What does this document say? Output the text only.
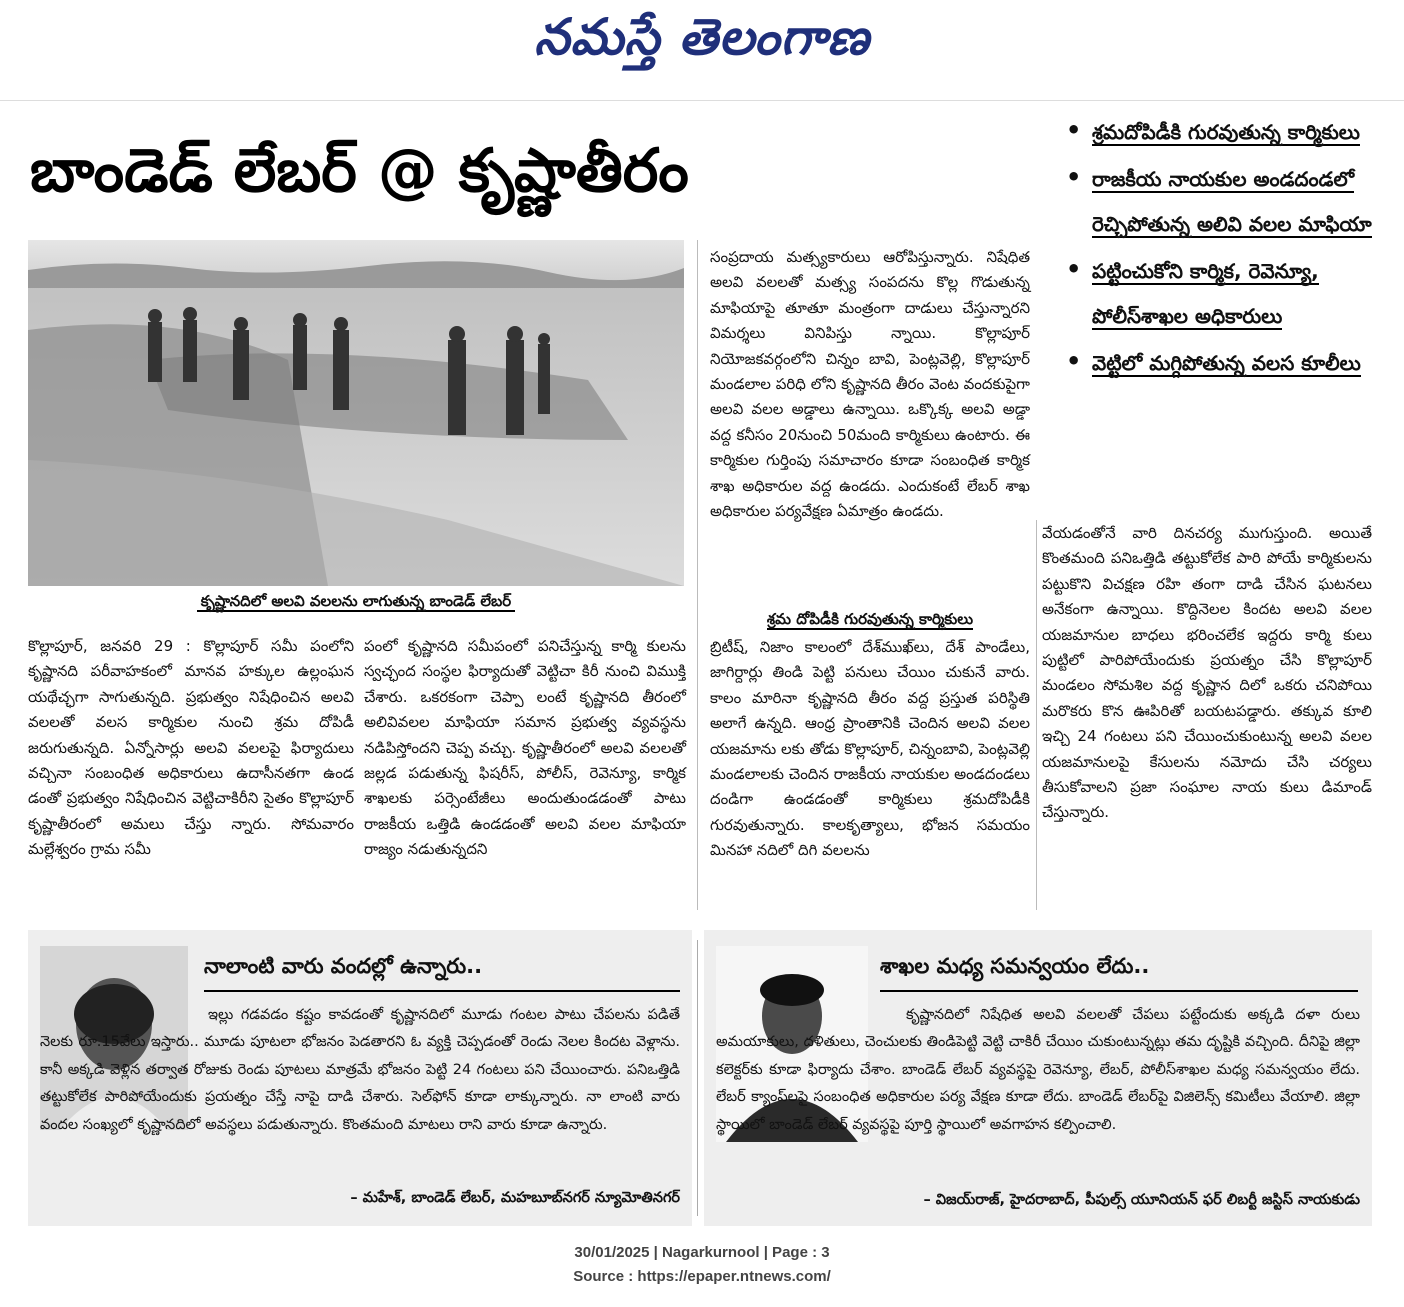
నమస్తే తెలంగాణ
బాండెడ్ లేబర్ @ కృష్ణాతీరం
• శ్రమదోపిడీకి గురవుతున్న కార్మికులు
• రాజకీయ నాయకుల అండదండలో రెచ్చిపోతున్న అలివి వలల మాఫియా
• పట్టించుకోని కార్మిక, రెవెన్యూ, పోలీస్‌శాఖల అధికారులు
• వెట్టిలో మగ్గిపోతున్న వలస కూలీలు
కృష్ణానదిలో అలవి వలలను లాగుతున్న బాండెడ్ లేబర్

కొల్లాపూర్, జనవరి 29 : కొల్లాపూర్ సమీ పంలోని కృష్ణానది పరీవాహకంలో మానవ హక్కుల ఉల్లంఘన యథేచ్ఛగా సాగుతున్నది. ప్రభుత్వం నిషేధించిన అలవి వలలతో వలస కార్మికుల నుంచి శ్రమ దోపిడీ జరుగుతున్నది. ఏన్నోసార్లు అలవి వలలపై ఫిర్యాదులు వచ్చినా సంబంధిత అధికారులు ఉదాసీనతగా ఉండ డంతో ప్రభుత్వం నిషేధించిన వెట్టిచాకిరీని సైతం కొల్లాపూర్ కృష్ణాతీరంలో అమలు చేస్తు న్నారు. సోమవారం మల్లేశ్వరం గ్రామ సమీ

పంలో కృష్ణానది సమీపంలో పనిచేస్తున్న కార్మి కులను స్వచ్ఛంద సంస్థల ఫిర్యాదుతో వెట్టిచా కిరీ నుంచి విముక్తి చేశారు. ఒకరకంగా చెప్పా లంటే కృష్ణానది తీరంలో అలివివలల మాఫియా సమాన ప్రభుత్వ వ్యవస్థను నడిపిస్తోందని చెప్ప వచ్చు. కృష్ణాతీరంలో అలవి వలలతో జల్లడ పడుతున్న ఫిషరీస్, పోలీస్, రెవెన్యూ, కార్మిక శాఖలకు పర్సెంటేజీలు అందుతుండడంతో పాటు రాజకీయ ఒత్తిడి ఉండడంతో అలవి వలల మాఫియా రాజ్యం నడుతున్నదని

సంప్రదాయ మత్స్యకారులు ఆరోపిస్తున్నారు. నిషేధిత అలవి వలలతో మత్స్య సంపదను కొల్ల గొడుతున్న మాఫియాపై తూతూ మంత్రంగా దాడులు చేస్తున్నారని విమర్శలు వినిపిస్తు న్నాయి. కొల్లాపూర్ నియోజకవర్గంలోని చిన్నం బావి, పెంట్లవెల్లి, కొల్లాపూర్ మండలాల పరిధి లోని కృష్ణానది తీరం వెంట వందకుపైగా అలవి వలల అడ్డాలు ఉన్నాయి. ఒక్కొక్క అలవి అడ్డా వద్ద కనీసం 20నుంచి 50మంది కార్మికులు ఉంటారు. ఈ కార్మికుల గుర్తింపు సమాచారం కూడా సంబంధిత కార్మిక శాఖ అధికారుల వద్ద ఉండదు. ఎందుకంటే లేబర్ శాఖ అధికారుల పర్యవేక్షణ ఏమాత్రం ఉండదు.

శ్రమ దోపిడీకి గురవుతున్న కార్మికులు

బ్రిటీష్, నిజాం కాలంలో దేశ్‌ముఖ్‌లు, దేశ్ పాండేలు, జాగిర్దార్లు తిండి పెట్టి పనులు చేయిం చుకునే వారు. కాలం మారినా కృష్ణానది తీరం వద్ద ప్రస్తుత పరిస్థితి అలాగే ఉన్నది. ఆంధ్ర ప్రాంతానికి చెందిన అలవి వలల యజమాను లకు తోడు కొల్లాపూర్, చిన్నంబావి, పెంట్లవెల్లి మండలాలకు చెందిన రాజకీయ నాయకుల అండదండలు దండిగా ఉండడంతో కార్మికులు శ్రమదోపిడీకి గురవుతున్నారు. కాలకృత్యాలు, భోజన సమయం మినహా నదిలో దిగి వలలను

వేయడంతోనే వారి దినచర్య ముగుస్తుంది. అయితే కొంతమంది పనిఒత్తిడి తట్టుకోలేక పారి పోయే కార్మికులను పట్టుకొని విచక్షణ రహి తంగా దాడి చేసిన ఘటనలు అనేకంగా ఉన్నాయి. కొద్దినెలల కిందట అలవి వలల యజమానుల బాధలు భరించలేక ఇద్దరు కార్మి కులు పుట్టిలో పారిపోయేందుకు ప్రయత్నం చేసి కొల్లాపూర్ మండలం సోమశిల వద్ద కృష్ణాన దిలో ఒకరు చనిపోయి మరొకరు కొన ఊపిరితో బయటపడ్డారు. తక్కువ కూలి ఇచ్చి 24 గంటలు పని చేయించుకుంటున్న అలవి వలల యజమానులపై కేసులను నమోదు చేసి చర్యలు తీసుకోవాలని ప్రజా సంఘాల నాయ కులు డిమాండ్ చేస్తున్నారు.

నాలాంటి వారు వందల్లో ఉన్నారు..

ఇల్లు గడవడం కష్టం కావడంతో కృష్ణానదిలో మూడు గంటల పాటు చేపలను పడితే నెలకు రూ.15వేలు ఇస్తారు.. మూడు పూటలా భోజనం పెడతారని ఓ వ్యక్తి చెప్పడంతో రెండు నెలల కిందట వెళ్లాను. కానీ అక్కడి వెళ్లిన తర్వాత రోజుకు రెండు పూటలు మాత్రమే భోజనం పెట్టి 24 గంటలు పని చేయించారు. పనిఒత్తిడి తట్టుకోలేక పారిపోయేందుకు ప్రయత్నం చేస్తే నాపై దాడి చేశారు. సెల్‌ఫోన్ కూడా లాక్కున్నారు. నా లాంటి వారు వందల సంఖ్యలో కృష్ణానదిలో అవస్థలు పడుతున్నారు. కొంతమంది మాటలు రాని వారు కూడా ఉన్నారు.

– మహేశ్, బాండెడ్ లేబర్, మహబూబ్‌నగర్ న్యూమోతినగర్
శాఖల మధ్య సమన్వయం లేదు..

కృష్ణానదిలో నిషేధిత అలవి వలలతో చేపలు పట్టేందుకు అక్కడి దళా రులు అమయాకులు, దళితులు, చెంచులకు తిండిపెట్టి వెట్టి చాకిరీ చేయిం చుకుంటున్నట్లు తమ దృష్టికి వచ్చింది. దీనిపై జిల్లా కలెక్టర్‌కు కూడా ఫిర్యాదు చేశాం. బాండెడ్ లేబర్ వ్యవస్థపై రెవెన్యూ, లేబర్, పోలీస్‌శాఖల మధ్య సమన్వయం లేదు. లేబర్ క్యాంప్‌లపై సంబంధిత అధికారుల పర్య వేక్షణ కూడా లేదు. బాండెడ్ లేబర్‌పై విజిలెన్స్ కమిటీలు వేయాలి. జిల్లా స్థాయిలో బాండెడ్ లేబర్ వ్యవస్థపై పూర్తి స్థాయిలో అవగాహన కల్పించాలి.

– విజయ్‌రాజ్, హైదరాబాద్, పీపుల్స్ యూనియన్ ఫర్ లిబర్టీ జస్టిస్ నాయకుడు
30/01/2025 | Nagarkurnool | Page : 3
Source : https://epaper.ntnews.com/
